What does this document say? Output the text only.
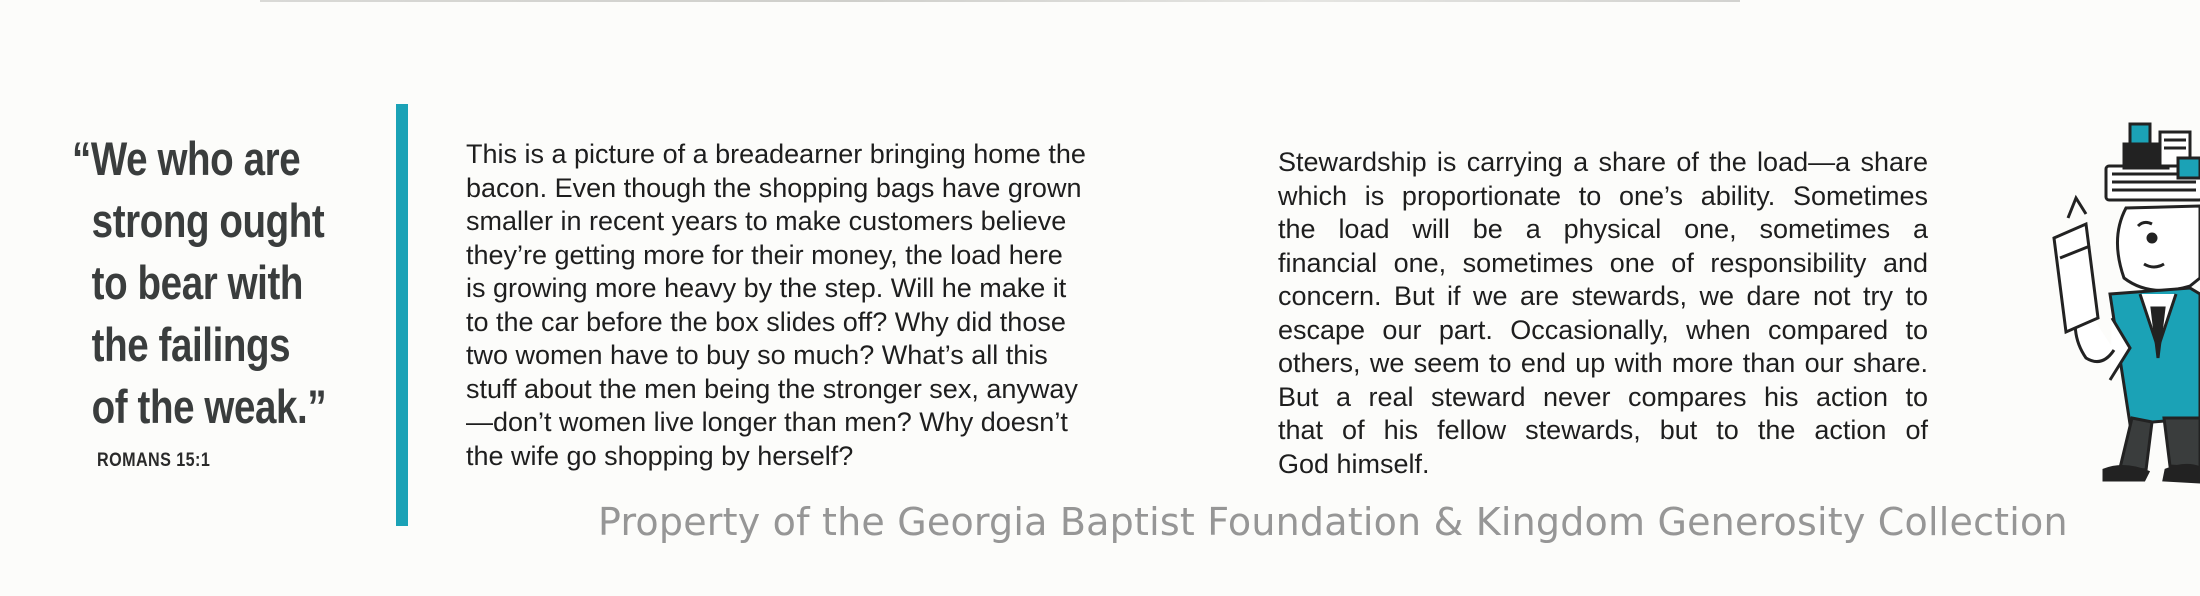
“We who are
strong ought
to bear with
the failings
of the weak.”
ROMANS 15:1
This is a picture of a breadearner bringing home the
bacon. Even though the shopping bags have grown
smaller in recent years to make customers believe
they’re getting more for their money, the load here
is growing more heavy by the step. Will he make it
to the car before the box slides off? Why did those
two women have to buy so much? What’s all this
stuff about the men being the stronger sex, anyway
—don’t women live longer than men? Why doesn’t
the wife go shopping by herself?
Stewardship is carrying a share of the load—a share
which is proportionate to one’s ability. Sometimes
the load will be a physical one, sometimes a
financial one, sometimes one of responsibility and
concern. But if we are stewards, we dare not try to
escape our part. Occasionally, when compared to
others, we seem to end up with more than our share.
But a real steward never compares his action to
that of his fellow stewards, but to the action of
God himself.
Property of the Georgia Baptist Foundation & Kingdom Generosity Collection
